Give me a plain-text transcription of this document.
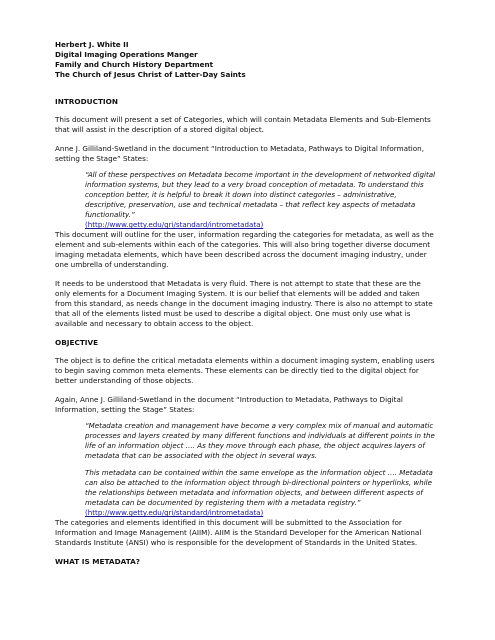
Herbert J. White II

Digital Imaging Operations Manger

Family and Church History Department

The Church of Jesus Christ of Latter-Day Saints

INTRODUCTION

This document will present a set of Categories, which will contain Metadata Elements and Sub-Elements

that will assist in the description of a stored digital object.

Anne J. Gilliland-Swetland in the document “Introduction to Metadata, Pathways to Digital Information,

setting the Stage” States:

“All of these perspectives on Metadata become important in the development of networked digital

information systems, but they lead to a very broad conception of metadata. To understand this

conception better, it is helpful to break it down into distinct categories – administrative,

descriptive, preservation, use and technical metadata – that reflect key aspects of metadata

functionality.”

(http://www.getty.edu/gri/standard/intrometadata)

This document will outline for the user, information regarding the categories for metadata, as well as the

element and sub-elements within each of the categories. This will also bring together diverse document

imaging metadata elements, which have been described across the document imaging industry, under

one umbrella of understanding.

It needs to be understood that Metadata is very fluid. There is not attempt to state that these are the

only elements for a Document Imaging System. It is our belief that elements will be added and taken

from this standard, as needs change in the document imaging industry. There is also no attempt to state

that all of the elements listed must be used to describe a digital object. One must only use what is

available and necessary to obtain access to the object.

OBJECTIVE

The object is to define the critical metadata elements within a document imaging system, enabling users

to begin saving common meta elements. These elements can be directly tied to the digital object for

better understanding of those objects.

Again, Anne J. Gilliland-Swetland in the document “Introduction to Metadata, Pathways to Digital

Information, setting the Stage” States:

“Metadata creation and management have become a very complex mix of manual and automatic

processes and layers created by many different functions and individuals at different points in the

life of an information object …. As they move through each phase, the object acquires layers of

metadata that can be associated with the object in several ways.

This metadata can be contained within the same envelope as the information object …. Metadata

can also be attached to the information object through bi-directional pointers or hyperlinks, while

the relationships between metadata and information objects, and between different aspects of

metadata can be documented by registering them with a metadata registry.”

(http://www.getty.edu/gri/standard/intrometadata)

The categories and elements identified in this document will be submitted to the Association for

Information and Image Management (AIIM). AIIM is the Standard Developer for the American National

Standards Institute (ANSI) who is responsible for the development of Standards in the United States.

WHAT IS METADATA?
